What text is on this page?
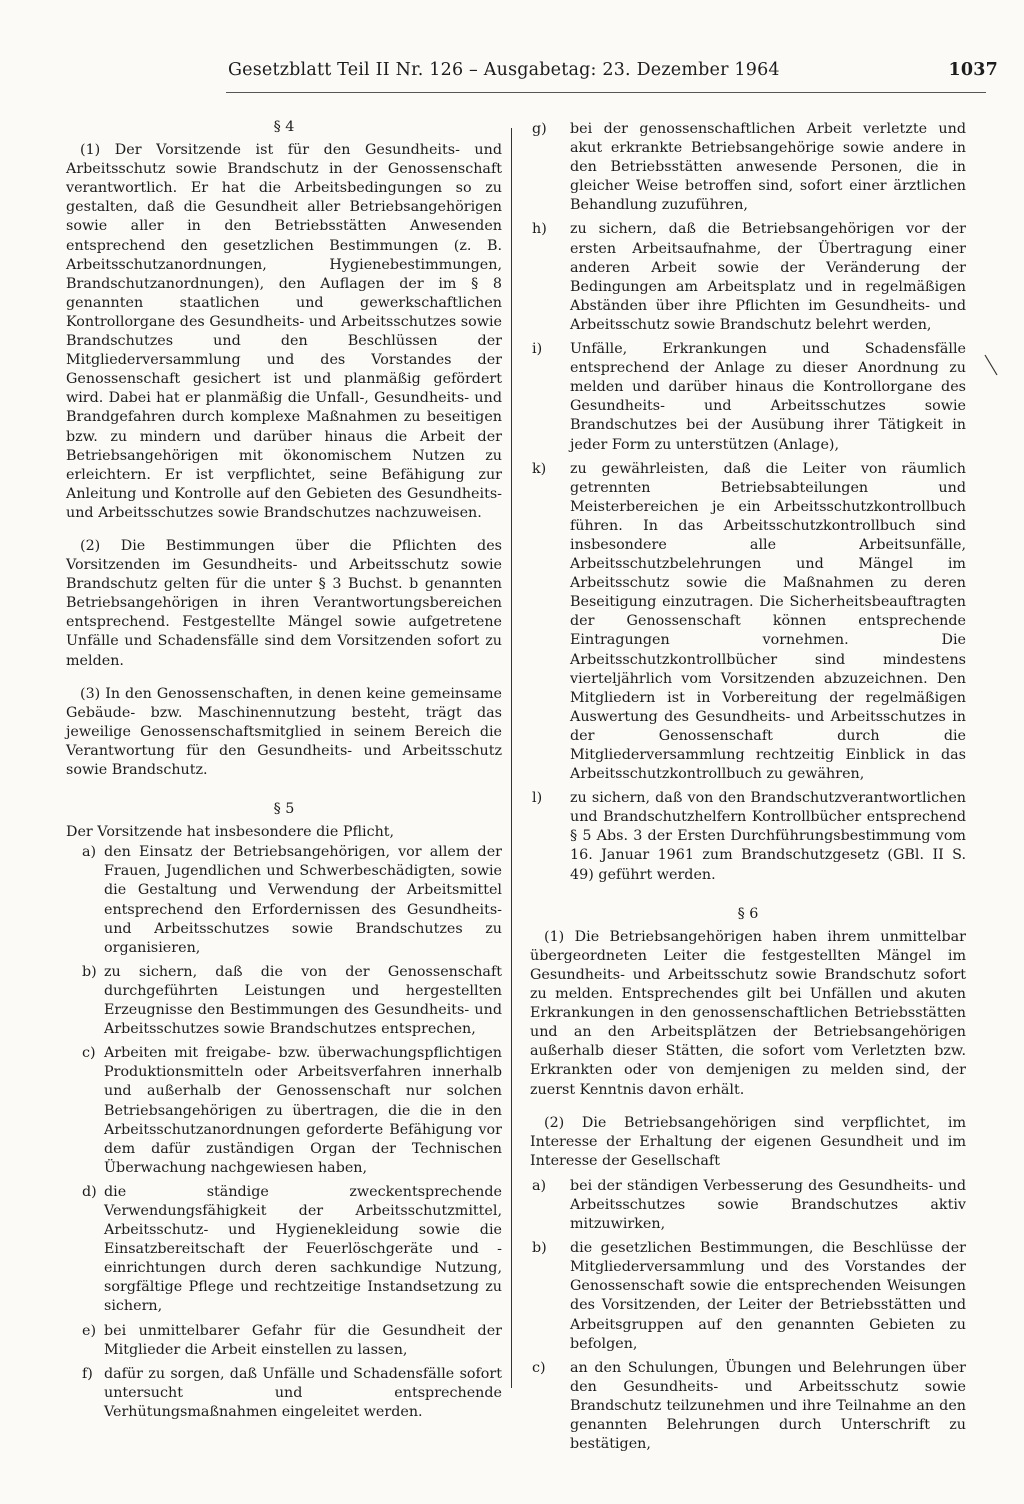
Gesetzblatt Teil II Nr. 126 – Ausgabetag: 23. Dezember 1964	1037
§ 4

(1) Der Vorsitzende ist für den Gesundheits- und Arbeitsschutz sowie Brandschutz in der Genossenschaft verantwortlich. Er hat die Arbeitsbedingungen so zu gestalten, daß die Gesundheit aller Betriebsangehörigen sowie aller in den Betriebsstätten Anwesenden entsprechend den gesetzlichen Bestimmungen (z. B. Arbeitsschutzanordnungen, Hygienebestimmungen, Brandschutzanordnungen), den Auflagen der im § 8 genannten staatlichen und gewerkschaftlichen Kontrollorgane des Gesundheits- und Arbeitsschutzes sowie Brandschutzes und den Beschlüssen der Mitgliederversammlung und des Vorstandes der Genossenschaft gesichert ist und planmäßig gefördert wird. Dabei hat er planmäßig die Unfall-, Gesundheits- und Brandgefahren durch komplexe Maßnahmen zu beseitigen bzw. zu mindern und darüber hinaus die Arbeit der Betriebsangehörigen mit ökonomischem Nutzen zu erleichtern. Er ist verpflichtet, seine Befähigung zur Anleitung und Kontrolle auf den Gebieten des Gesundheits- und Arbeitsschutzes sowie Brandschutzes nachzuweisen.

(2) Die Bestimmungen über die Pflichten des Vorsitzenden im Gesundheits- und Arbeitsschutz sowie Brandschutz gelten für die unter § 3 Buchst. b genannten Betriebsangehörigen in ihren Verantwortungsbereichen entsprechend. Festgestellte Mängel sowie aufgetretene Unfälle und Schadensfälle sind dem Vorsitzenden sofort zu melden.

(3) In den Genossenschaften, in denen keine gemeinsame Gebäude- bzw. Maschinennutzung besteht, trägt das jeweilige Genossenschaftsmitglied in seinem Bereich die Verantwortung für den Gesundheits- und Arbeitsschutz sowie Brandschutz.

§ 5

Der Vorsitzende hat insbesondere die Pflicht,

a) den Einsatz der Betriebsangehörigen, vor allem der Frauen, Jugendlichen und Schwerbeschädigten, sowie die Gestaltung und Verwendung der Arbeitsmittel entsprechend den Erfordernissen des Gesundheits- und Arbeitsschutzes sowie Brandschutzes zu organisieren,
b) zu sichern, daß die von der Genossenschaft durchgeführten Leistungen und hergestellten Erzeugnisse den Bestimmungen des Gesundheits- und Arbeitsschutzes sowie Brandschutzes entsprechen,
c) Arbeiten mit freigabe- bzw. überwachungspflichtigen Produktionsmitteln oder Arbeitsverfahren innerhalb und außerhalb der Genossenschaft nur solchen Betriebsangehörigen zu übertragen, die die in den Arbeitsschutzanordnungen geforderte Befähigung vor dem dafür zuständigen Organ der Technischen Überwachung nachgewiesen haben,
d) die ständige zweckentsprechende Verwendungsfähigkeit der Arbeitsschutzmittel, Arbeitsschutz- und Hygienekleidung sowie die Einsatzbereitschaft der Feuerlöschgeräte und -einrichtungen durch deren sachkundige Nutzung, sorgfältige Pflege und rechtzeitige Instandsetzung zu sichern,
e) bei unmittelbarer Gefahr für die Gesundheit der Mitglieder die Arbeit einstellen zu lassen,
f) dafür zu sorgen, daß Unfälle und Schadensfälle sofort untersucht und entsprechende Verhütungsmaßnahmen eingeleitet werden.
g) bei der genossenschaftlichen Arbeit verletzte und akut erkrankte Betriebsangehörige sowie andere in den Betriebsstätten anwesende Personen, die in gleicher Weise betroffen sind, sofort einer ärztlichen Behandlung zuzuführen,
h) zu sichern, daß die Betriebsangehörigen vor der ersten Arbeitsaufnahme, der Übertragung einer anderen Arbeit sowie der Veränderung der Bedingungen am Arbeitsplatz und in regelmäßigen Abständen über ihre Pflichten im Gesundheits- und Arbeitsschutz sowie Brandschutz belehrt werden,
i) Unfälle, Erkrankungen und Schadensfälle entsprechend der Anlage zu dieser Anordnung zu melden und darüber hinaus die Kontrollorgane des Gesundheits- und Arbeitsschutzes sowie Brandschutzes bei der Ausübung ihrer Tätigkeit in jeder Form zu unterstützen (Anlage),
k) zu gewährleisten, daß die Leiter von räumlich getrennten Betriebsabteilungen und Meisterbereichen je ein Arbeitsschutzkontrollbuch führen. In das Arbeitsschutzkontrollbuch sind insbesondere alle Arbeitsunfälle, Arbeitsschutzbelehrungen und Mängel im Arbeitsschutz sowie die Maßnahmen zu deren Beseitigung einzutragen. Die Sicherheitsbeauftragten der Genossenschaft können entsprechende Eintragungen vornehmen. Die Arbeitsschutzkontrollbücher sind mindestens vierteljährlich vom Vorsitzenden abzuzeichnen. Den Mitgliedern ist in Vorbereitung der regelmäßigen Auswertung des Gesundheits- und Arbeitsschutzes in der Genossenschaft durch die Mitgliederversammlung rechtzeitig Einblick in das Arbeitsschutzkontrollbuch zu gewähren,
l) zu sichern, daß von den Brandschutzverantwortlichen und Brandschutzhelfern Kontrollbücher entsprechend § 5 Abs. 3 der Ersten Durchführungsbestimmung vom 16. Januar 1961 zum Brandschutzgesetz (GBl. II S. 49) geführt werden.
§ 6

(1) Die Betriebsangehörigen haben ihrem unmittelbar übergeordneten Leiter die festgestellten Mängel im Gesundheits- und Arbeitsschutz sowie Brandschutz sofort zu melden. Entsprechendes gilt bei Unfällen und akuten Erkrankungen in den genossenschaftlichen Betriebsstätten und an den Arbeitsplätzen der Betriebsangehörigen außerhalb dieser Stätten, die sofort vom Verletzten bzw. Erkrankten oder von demjenigen zu melden sind, der zuerst Kenntnis davon erhält.

(2) Die Betriebsangehörigen sind verpflichtet, im Interesse der Erhaltung der eigenen Gesundheit und im Interesse der Gesellschaft

a) bei der ständigen Verbesserung des Gesundheits- und Arbeitsschutzes sowie Brandschutzes aktiv mitzuwirken,
b) die gesetzlichen Bestimmungen, die Beschlüsse der Mitgliederversammlung und des Vorstandes der Genossenschaft sowie die entsprechenden Weisungen des Vorsitzenden, der Leiter der Betriebsstätten und Arbeitsgruppen auf den genannten Gebieten zu befolgen,
c) an den Schulungen, Übungen und Belehrungen über den Gesundheits- und Arbeitsschutz sowie Brandschutz teilzunehmen und ihre Teilnahme an den genannten Belehrungen durch Unterschrift zu bestätigen,
